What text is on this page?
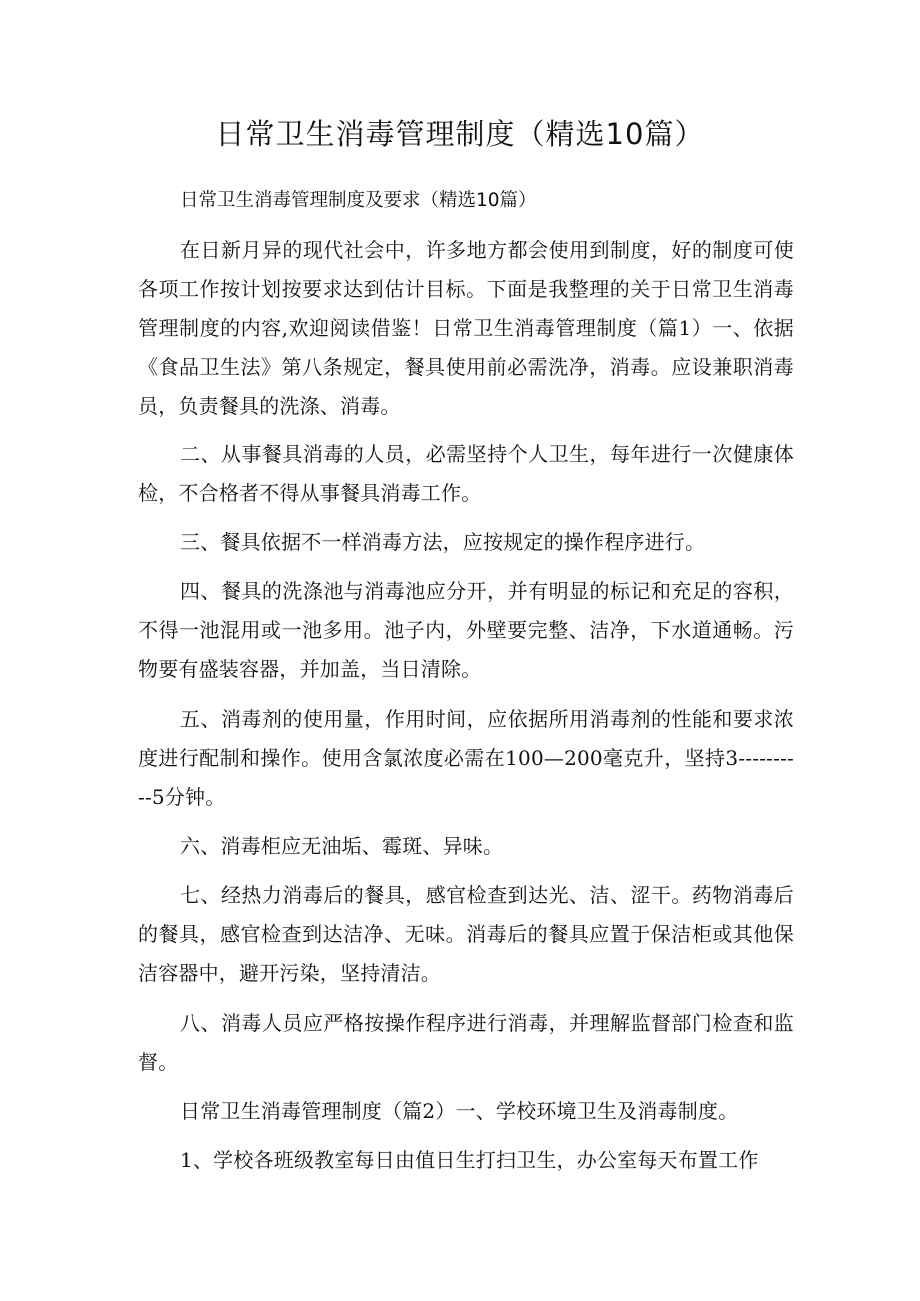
日常卫生消毒管理制度（精选10篇）
日常卫生消毒管理制度及要求（精选10篇）

在日新月异的现代社会中，许多地方都会使用到制度，好的制度可使各项工作按计划按要求达到估计目标。下面是我整理的关于日常卫生消毒管理制度的内容,欢迎阅读借鉴！日常卫生消毒管理制度（篇1）一、依据《食品卫生法》第八条规定，餐具使用前必需洗净，消毒。应设兼职消毒员，负责餐具的洗涤、消毒。

二、从事餐具消毒的人员，必需坚持个人卫生，每年进行一次健康体检，不合格者不得从事餐具消毒工作。

三、餐具依据不一样消毒方法，应按规定的操作程序进行。

四、餐具的洗涤池与消毒池应分开，并有明显的标记和充足的容积，不得一池混用或一池多用。池子内，外壁要完整、洁净，下水道通畅。污物要有盛装容器，并加盖，当日清除。

五、消毒剂的使用量，作用时间，应依据所用消毒剂的性能和要求浓度进行配制和操作。使用含氯浓度必需在100—200毫克升，坚持3----------5分钟。

六、消毒柜应无油垢、霉斑、异味。

七、经热力消毒后的餐具，感官检查到达光、洁、涩干。药物消毒后的餐具，感官检查到达洁净、无味。消毒后的餐具应置于保洁柜或其他保洁容器中，避开污染，坚持清洁。

八、消毒人员应严格按操作程序进行消毒，并理解监督部门检查和监督。

日常卫生消毒管理制度（篇2）一、学校环境卫生及消毒制度。

1、学校各班级教室每日由值日生打扫卫生，办公室每天布置工作
